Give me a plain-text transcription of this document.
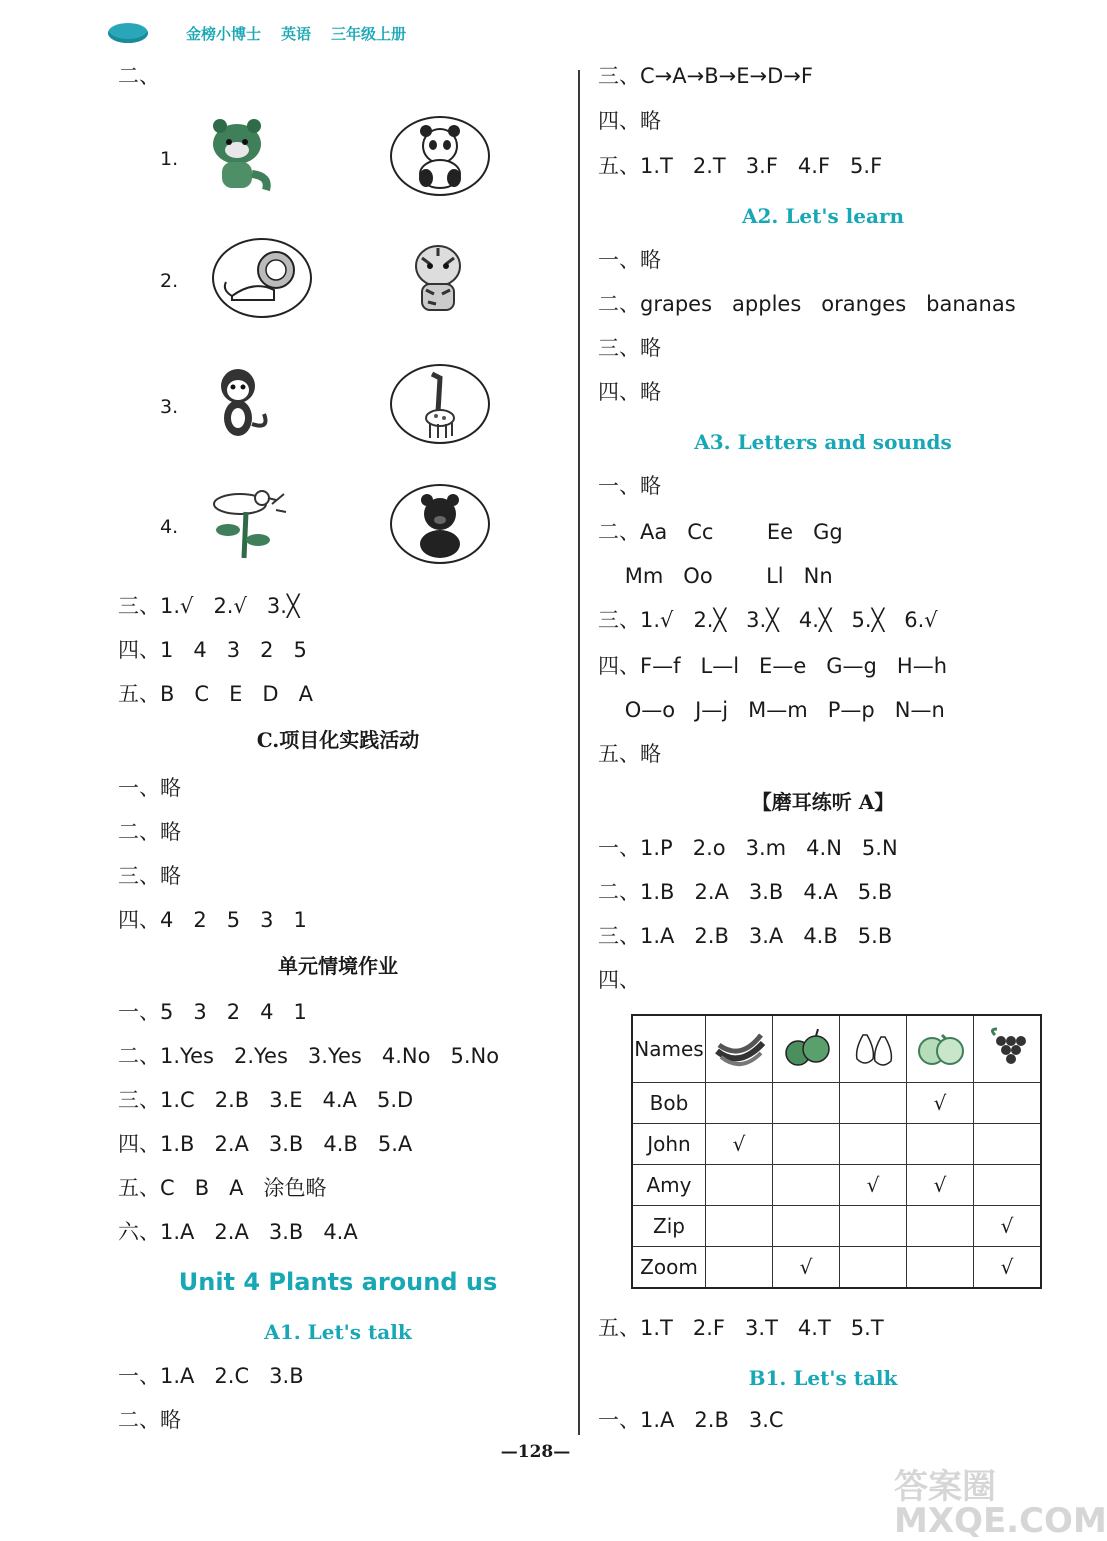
金榜小博士 英语 三年级上册
二、
1.
2.
3.
4.
三、1.√   2.√   3.╳
四、1   4   3   2   5
五、B   C   E   D   A
C.项目化实践活动
一、略
二、略
三、略
四、4   2   5   3   1
单元情境作业
一、5   3   2   4   1
二、1.Yes   2.Yes   3.Yes   4.No   5.No
三、1.C   2.B   3.E   4.A   5.D
四、1.B   2.A   3.B   4.B   5.A
五、C   B   A   涂色略
六、1.A   2.A   3.B   4.A
Unit 4 Plants around us
A1. Let's talk
一、1.A   2.C   3.B
二、略
三、C→A→B→E→D→F
四、略
五、1.T   2.T   3.F   4.F   5.F
A2. Let's learn
一、略
二、grapes   apples   oranges   bananas
三、略
四、略
A3. Letters and sounds
一、略
二、Aa   Cc        Ee   Gg
Mm   Oo        Ll   Nn
三、1.√   2.╳   3.╳   4.╳   5.╳   6.√
四、F—f   L—l   E—e   G—g   H—h
O—o   J—j   M—m   P—p   N—n
五、略
【磨耳练听 A】
一、1.P   2.o   3.m   4.N   5.N
二、1.B   2.A   3.B   4.A   5.B
三、1.A   2.B   3.A   4.B   5.B
四、
五、1.T   2.F   3.T   4.T   5.T
B1. Let's talk
一、1.A   2.B   3.C
Names					
Bob				√	
John	√				
Amy			√	√	
Zip					√
Zoom		√			√
—128—
答案圈 MXQE.COM
